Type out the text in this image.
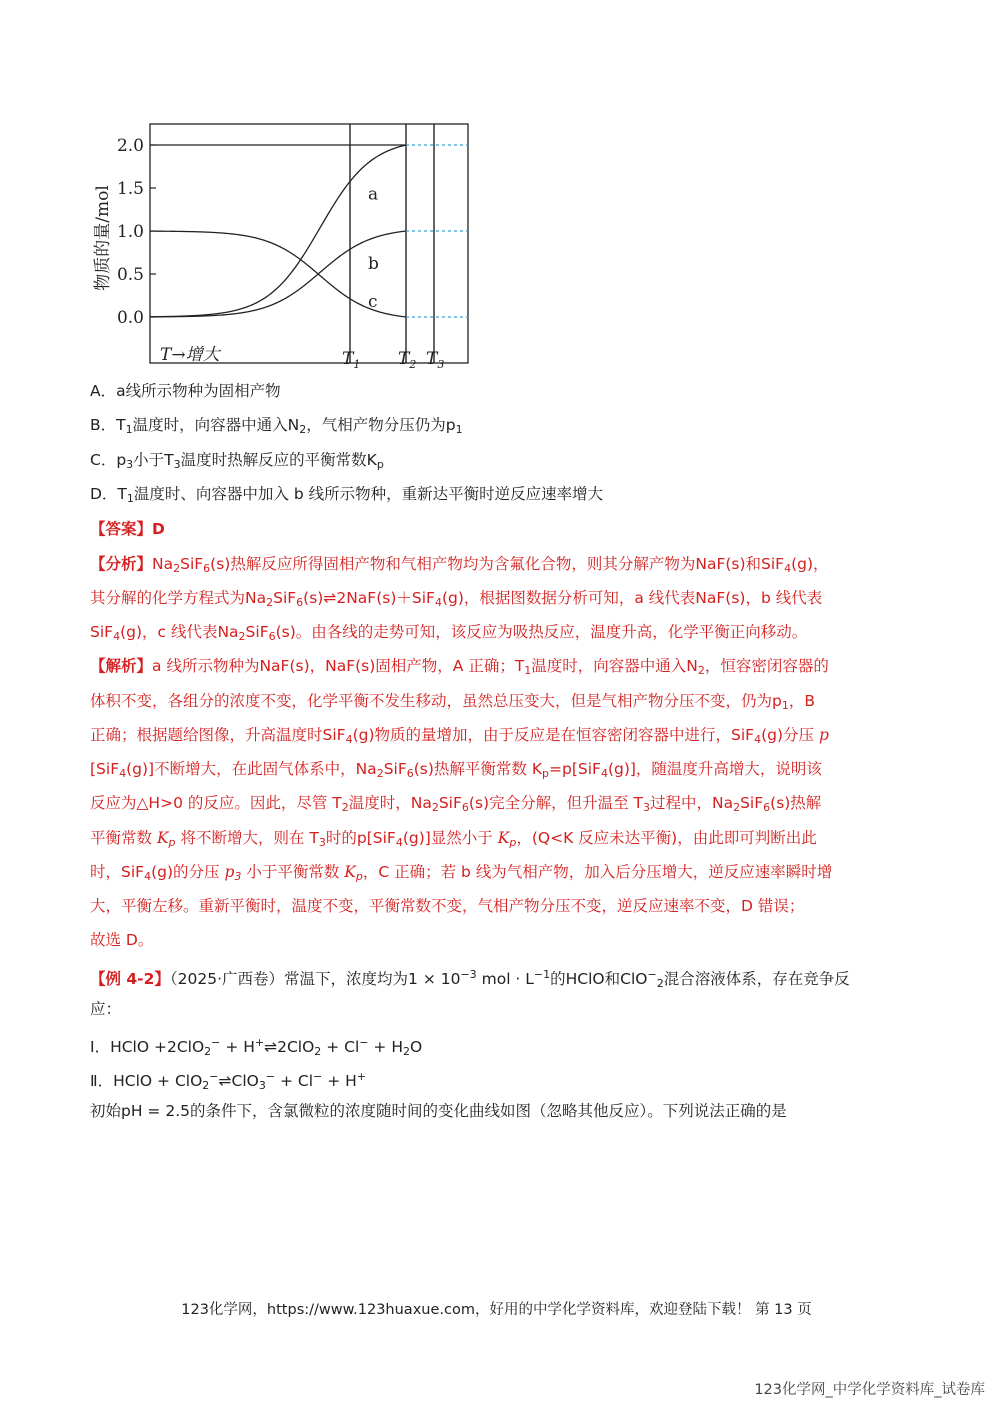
物质的量/mol
2.0
1.5
1.0
0.5
0.0
$T_1$ $T_2$ $T_3$
a
b
c
T→增大
A．a线所示物种为固相产物
B．$T_1$温度时，向容器中通入$N_2$，气相产物分压仍为$p_1$
C．$p_3$小于$T_3$温度时热解反应的平衡常数$K_p$
D．$T_1$温度时、向容器中加入 b 线所示物种，重新达平衡时逆反应速率增大
【答案】D
【分析】$Na_2SiF_6(s)$热解反应所得固相产物和气相产物均为含氟化合物，则其分解产物为NaF(s)和SiF$_4$(g)，
其分解的化学方程式为$Na_2SiF_6(s)\rightleftharpoons 2NaF(s)+SiF_4(g)$，根据图数据分析可知，a 线代表NaF(s)，b 线代表
SiF$_4$(g)，c 线代表$Na_2SiF_6(s)$。由各线的走势可知，该反应为吸热反应，温度升高，化学平衡正向移动。
【解析】a 线所示物种为NaF(s)，NaF(s)固相产物，A 正确；$T_1$温度时，向容器中通入$N_2$，恒容密闭容器的
体积不变，各组分的浓度不变，化学平衡不发生移动，虽然总压变大，但是气相产物分压不变，仍为$p_1$，B
正确；根据题给图像，升高温度时SiF$_4$(g)物质的量增加，由于反应是在恒容密闭容器中进行，SiF$_4$(g)分压 p
[SiF$_4$(g)]不断增大，在此固气体系中，$Na_2SiF_6(s)$热解平衡常数 $K_p=p[SiF_4(g)]$，随温度升高增大，说明该
反应为△H>0 的反应。因此，尽管 $T_2$温度时，$Na_2SiF_6(s)$完全分解，但升温至 $T_3$过程中，$Na_2SiF_6(s)$热解
平衡常数 $K_p$ 将不断增大，则在 $T_3$时的p[SiF$_4$(g)]显然小于 $K_p$，(Q<K 反应未达平衡)，由此即可判断出此
时，SiF$_4$(g)的分压 $p_3$ 小于平衡常数 $K_p$，C 正确；若 b 线为气相产物，加入后分压增大，逆反应速率瞬时增
大，平衡左移。重新平衡时，温度不变，平衡常数不变，气相产物分压不变，逆反应速率不变，D 错误；
故选 D。
【例 4-2】（2025·广西卷）常温下，浓度均为$1 \times 10^{-3}$ mol · $L^{-1}$的HClO和ClO−$_2$混合溶液体系，存在竞争反
应：
Ⅰ．HClO +2ClO$_2$− + H+⇌2ClO$_2$ + $Cl^- + H_2O$
Ⅱ．HClO + ClO$_2$−⇌ClO$_3$− + Cl− + H+
初始pH = 2.5的条件下，含氯微粒的浓度随时间的变化曲线如图（忽略其他反应）。下列说法正确的是
123化学网，https://www.123huaxue.com，好用的中学化学资料库，欢迎登陆下载！ 第 13 页
123化学网_中学化学资料库_试卷库
